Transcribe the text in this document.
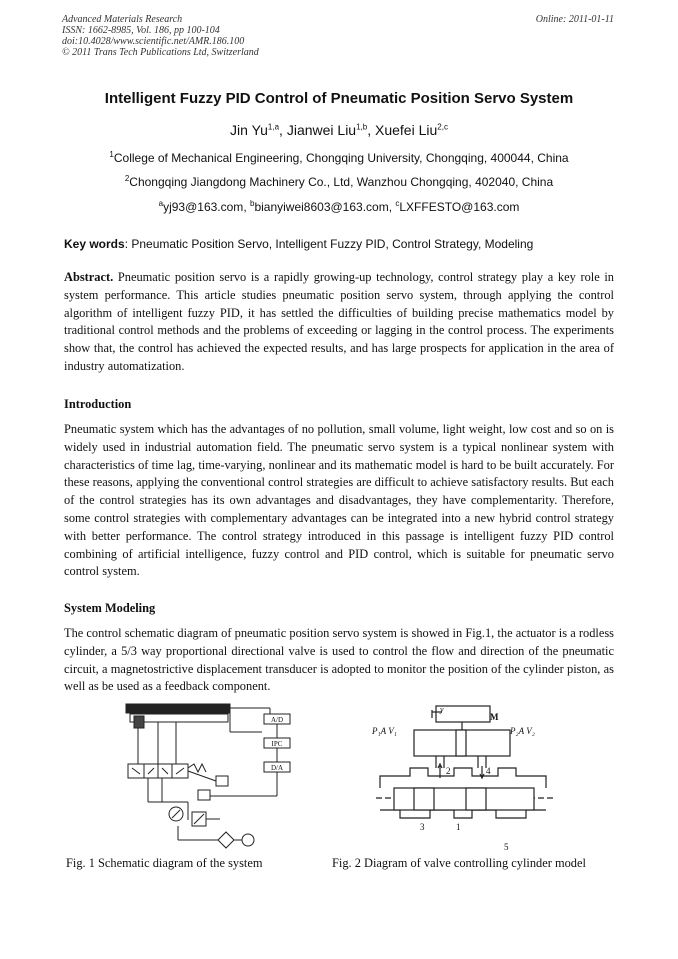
Advanced Materials Research
ISSN: 1662-8985, Vol. 186, pp 100-104
doi:10.4028/www.scientific.net/AMR.186.100
© 2011 Trans Tech Publications Ltd, Switzerland
Online: 2011-01-11
Intelligent Fuzzy PID Control of Pneumatic Position Servo System
Jin Yu$^{1,a}$, Jianwei Liu$^{1,b}$, Xuefei Liu$^{2,c}$
$^1$College of Mechanical Engineering, Chongqing University, Chongqing, 400044, China
$^2$Chongqing Jiangdong Machinery Co., Ltd, Wanzhou Chongqing, 402040, China
$^a$yj93@163.com, $^b$bianyiwei8603@163.com, $^c$LXFFESTO@163.com
Key words: Pneumatic Position Servo, Intelligent Fuzzy PID, Control Strategy, Modeling
Abstract. Pneumatic position servo is a rapidly growing-up technology, control strategy play a key role in system performance. This article studies pneumatic position servo system, through applying the control algorithm of intelligent fuzzy PID, it has settled the difficulties of building precise mathematics model by traditional control methods and the problems of exceeding or lagging in the control process. The experiments show that, the control has achieved the expected results, and has large prospects for application in the area of industry automatization.
Introduction
Pneumatic system which has the advantages of no pollution, small volume, light weight, low cost and so on is widely used in industrial automation field. The pneumatic servo system is a typical nonlinear system with characteristics of time lag, time-varying, nonlinear and its mathematic model is hard to be built accurately. For these reasons, applying the conventional control strategies are difficult to achieve satisfactory results. But each of the control strategies has its own advantages and disadvantages, they have complementarity. Therefore, some control strategies with complementary advantages can be integrated into a new hybrid control strategy with better performance. The control strategy introduced in this passage is intelligent fuzzy PID control combining of artificial intelligence, fuzzy control and PID control, which is suitable for pneumatic servo control system.
System Modeling
The control schematic diagram of pneumatic position servo system is showed in Fig.1, the actuator is a rodless cylinder, a 5/3 way proportional directional valve is used to control the flow and direction of the pneumatic circuit, a magnetostrictive displacement transducer is adopted to monitor the position of the cylinder piston, as well as be used as a feedback component.
A/D
IPC
D/A
y
M
P₁A V₁	P₂A V₂
2	4
3	1
5
Fig. 1 Schematic diagram of the system	Fig. 2 Diagram of valve controlling cylinder model
